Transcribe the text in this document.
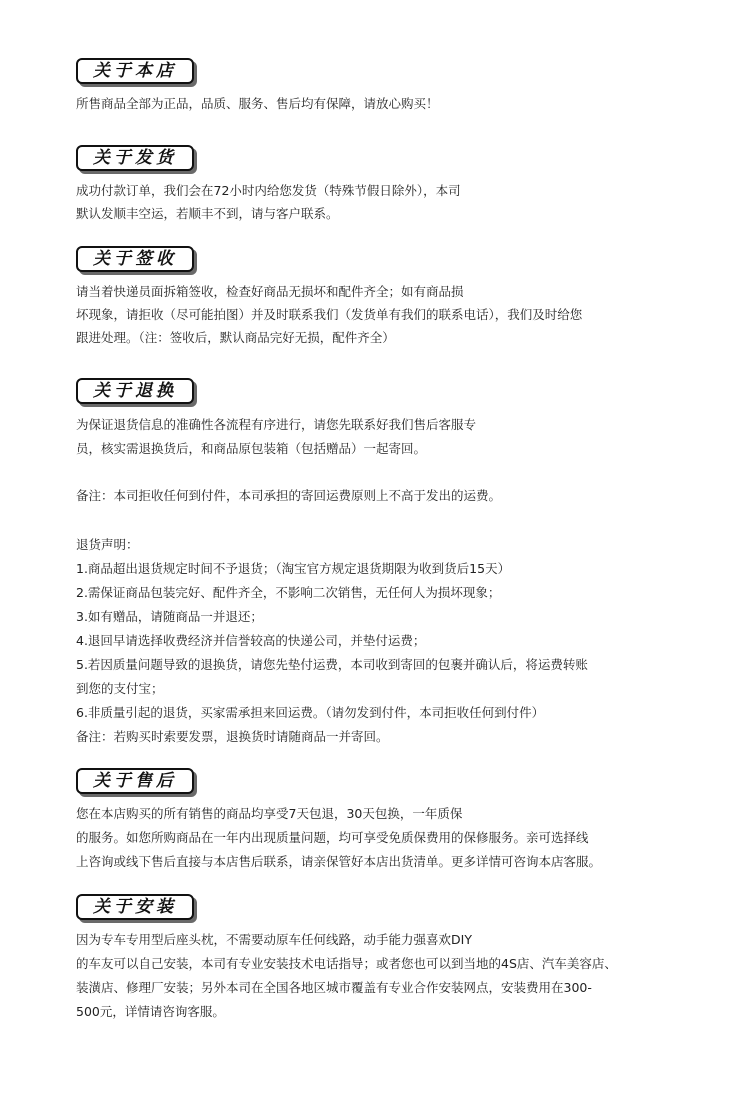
关于本店
所售商品全部为正品，品质、服务、售后均有保障，请放心购买！
关于发货
成功付款订单，我们会在72小时内给您发货（特殊节假日除外），本司
默认发顺丰空运，若顺丰不到，请与客户联系。
关于签收
请当着快递员面拆箱签收，检查好商品无损坏和配件齐全；如有商品损
坏现象，请拒收（尽可能拍图）并及时联系我们（发货单有我们的联系电话），我们及时给您
跟进处理。（注：签收后，默认商品完好无损，配件齐全）
关于退换
为保证退货信息的准确性各流程有序进行，请您先联系好我们售后客服专
员，核实需退换货后，和商品原包装箱（包括赠品）一起寄回。
备注：本司拒收任何到付件，本司承担的寄回运费原则上不高于发出的运费。
退货声明：
1.商品超出退货规定时间不予退货；（淘宝官方规定退货期限为收到货后15天）
2.需保证商品包装完好、配件齐全，不影响二次销售，无任何人为损坏现象；
3.如有赠品，请随商品一并退还；
4.退回早请选择收费经济并信誉较高的快递公司，并垫付运费；
5.若因质量问题导致的退换货，请您先垫付运费，本司收到寄回的包裹并确认后，将运费转账
到您的支付宝；
6.非质量引起的退货，买家需承担来回运费。（请勿发到付件，本司拒收任何到付件）
备注：若购买时索要发票，退换货时请随商品一并寄回。
关于售后
您在本店购买的所有销售的商品均享受7天包退，30天包换，一年质保
的服务。如您所购商品在一年内出现质量问题，均可享受免质保费用的保修服务。亲可选择线
上咨询或线下售后直接与本店售后联系，请亲保管好本店出货清单。更多详情可咨询本店客服。
关于安装
因为专车专用型后座头枕，不需要动原车任何线路，动手能力强喜欢DIY
的车友可以自己安装，本司有专业安装技术电话指导；或者您也可以到当地的4S店、汽车美容店、
装潢店、修理厂安装；另外本司在全国各地区城市覆盖有专业合作安装网点，安装费用在300-
500元，详情请咨询客服。
